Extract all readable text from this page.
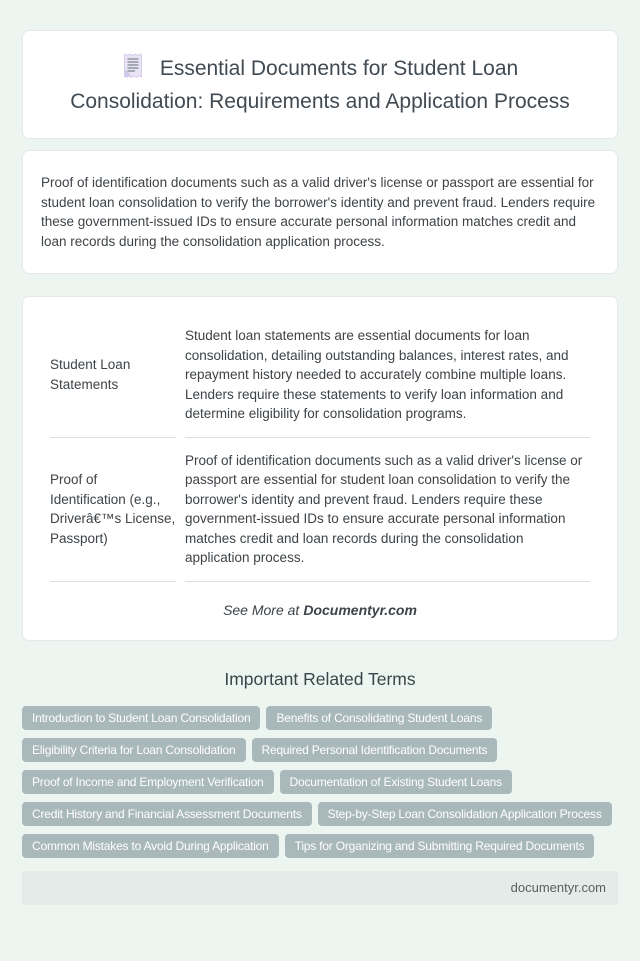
Essential Documents for Student Loan Consolidation: Requirements and Application Process

Proof of identification documents such as a valid driver's license or passport are essential for student loan consolidation to verify the borrower's identity and prevent fraud. Lenders require these government-issued IDs to ensure accurate personal information matches credit and loan records during the consolidation application process.

Student Loan Statements	Student loan statements are essential documents for loan consolidation, detailing outstanding balances, interest rates, and repayment history needed to accurately combine multiple loans. Lenders require these statements to verify loan information and determine eligibility for consolidation programs.
Proof of Identification (e.g., Driverâ€™s License, Passport)	Proof of identification documents such as a valid driver's license or passport are essential for student loan consolidation to verify the borrower's identity and prevent fraud. Lenders require these government-issued IDs to ensure accurate personal information matches credit and loan records during the consolidation application process.

See More at Documentyr.com

Important Related Terms
Introduction to Student Loan Consolidation	Benefits of Consolidating Student Loans
Eligibility Criteria for Loan Consolidation	Required Personal Identification Documents
Proof of Income and Employment Verification	Documentation of Existing Student Loans
Credit History and Financial Assessment Documents	Step-by-Step Loan Consolidation Application Process
Common Mistakes to Avoid During Application	Tips for Organizing and Submitting Required Documents
documentyr.com
